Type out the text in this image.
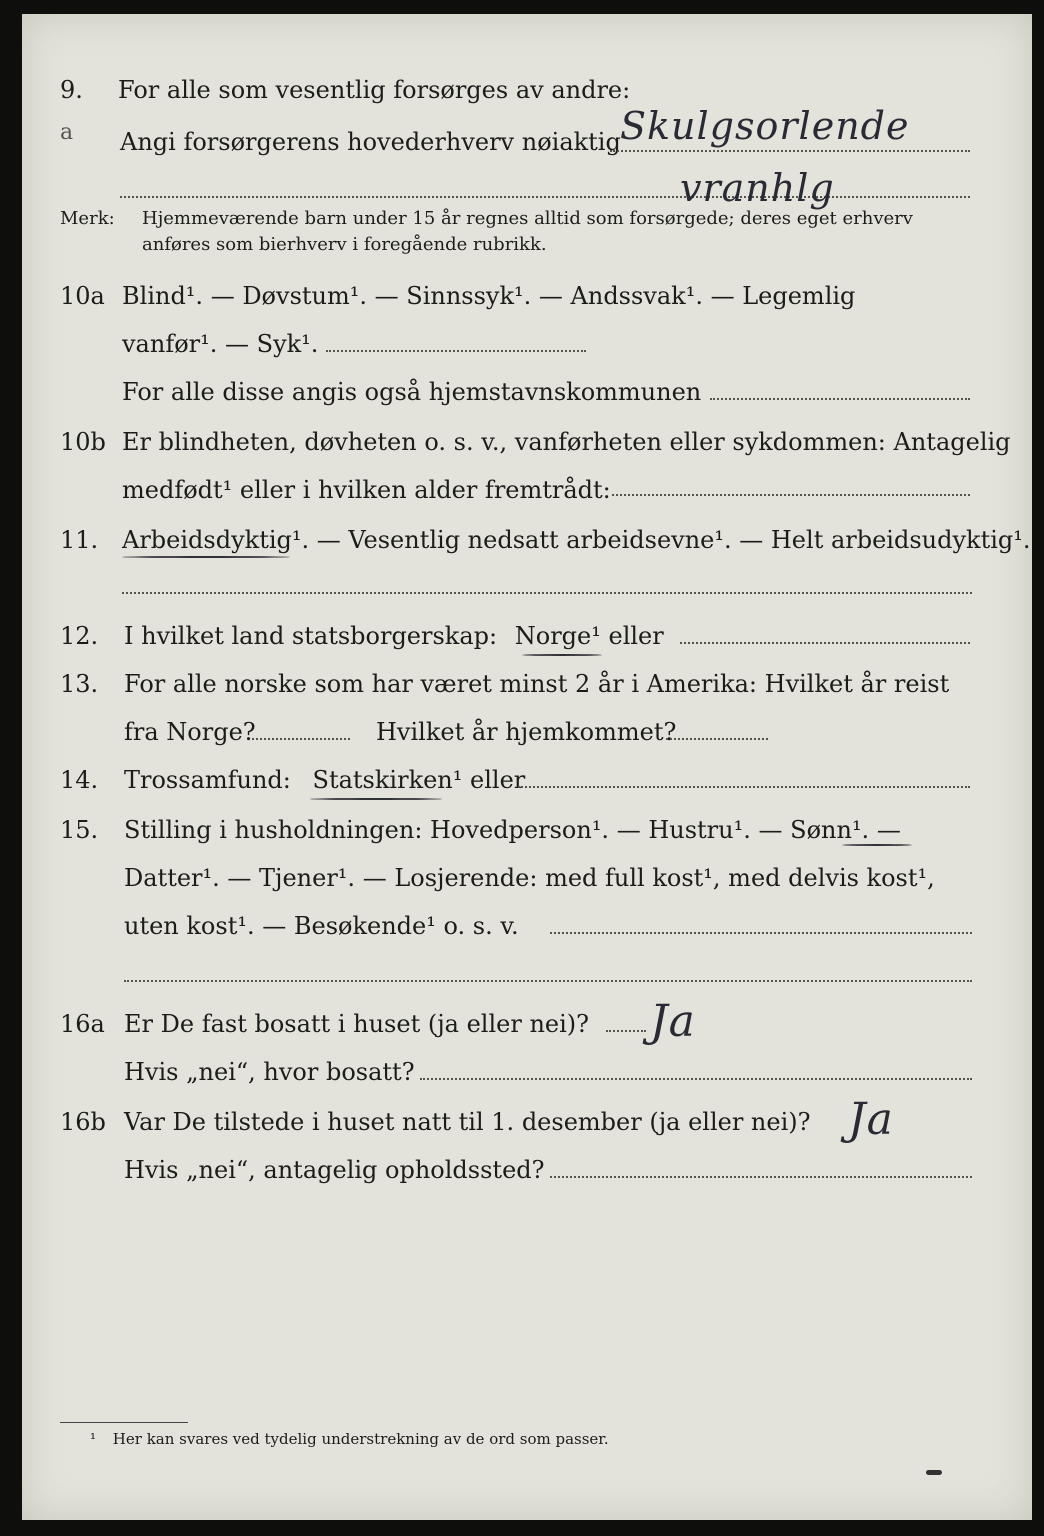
9. For alle som vesentlig forsørges av andre:
a Angi forsørgerens hovederhverv nøiaktig Skulgsorlende
vranhlg
Merk: Hjemmeværende barn under 15 år regnes alltid som forsørgede; deres eget erhverv
anføres som bierhverv i foregående rubrikk.
10a Blind¹. — Døvstum¹. — Sinnssyk¹. — Andssvak¹. — Legemlig
vanfør¹. — Syk¹.
For alle disse angis også hjemstavnskommunen
10b Er blindheten, døvheten o. s. v., vanførheten eller sykdommen: Antagelig
medfødt¹ eller i hvilken alder fremtrådt:
11. Arbeidsdyktig¹. — Vesentlig nedsatt arbeidsevne¹. — Helt arbeidsudyktig¹.
12. I hvilket land statsborgerskap: Norge¹ eller
13. For alle norske som har været minst 2 år i Amerika: Hvilket år reist
fra Norge?	Hvilket år hjemkommet?
14. Trossamfund: Statskirken¹ eller
15. Stilling i husholdningen: Hovedperson¹. — Hustru¹. — Sønn¹. —
Datter¹. — Tjener¹. — Losjerende: med full kost¹, med delvis kost¹,
uten kost¹. — Besøkende¹ o. s. v.
16a Er De fast bosatt i huset (ja eller nei)? Ja
Hvis „nei“, hvor bosatt?
16b Var De tilstede i huset natt til 1. desember (ja eller nei)? Ja
Hvis „nei“, antagelig opholdssted?
¹ Her kan svares ved tydelig understrekning av de ord som passer.
